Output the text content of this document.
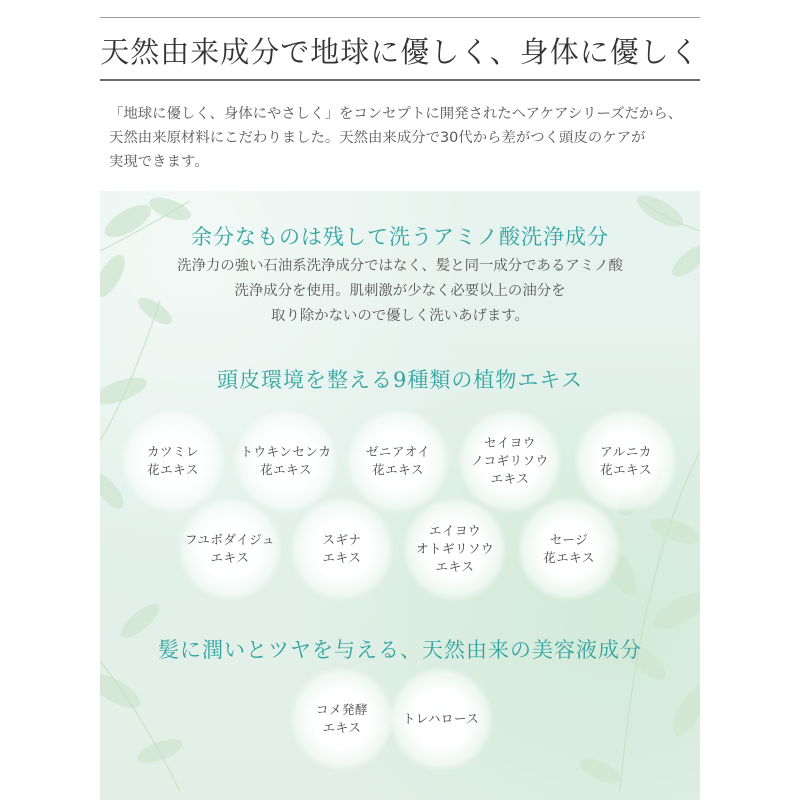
天然由来成分で地球に優しく、身体に優しく

「地球に優しく、身体にやさしく」をコンセプトに開発されたヘアケアシリーズだから、
天然由来原材料にこだわりました。天然由来成分で30代から差がつく頭皮のケアが
実現できます。

余分なものは残して洗うアミノ酸洗浄成分

洗浄力の強い石油系洗浄成分ではなく、髪と同一成分であるアミノ酸
洗浄成分を使用。肌刺激が少なく必要以上の油分を
取り除かないので優しく洗いあげます。

頭皮環境を整える9種類の植物エキス
カツミレ
花エキス
トウキンセンカ
花エキス
ゼニアオイ
花エキス
セイヨウ
ノコギリソウ
エキス
アルニカ
花エキス
フユボダイジュ
エキス
スギナ
エキス
エイヨウ
オトギリソウ
エキス
セージ
花エキス
髪に潤いとツヤを与える、天然由来の美容液成分
コメ発酵
エキス
トレハロース
